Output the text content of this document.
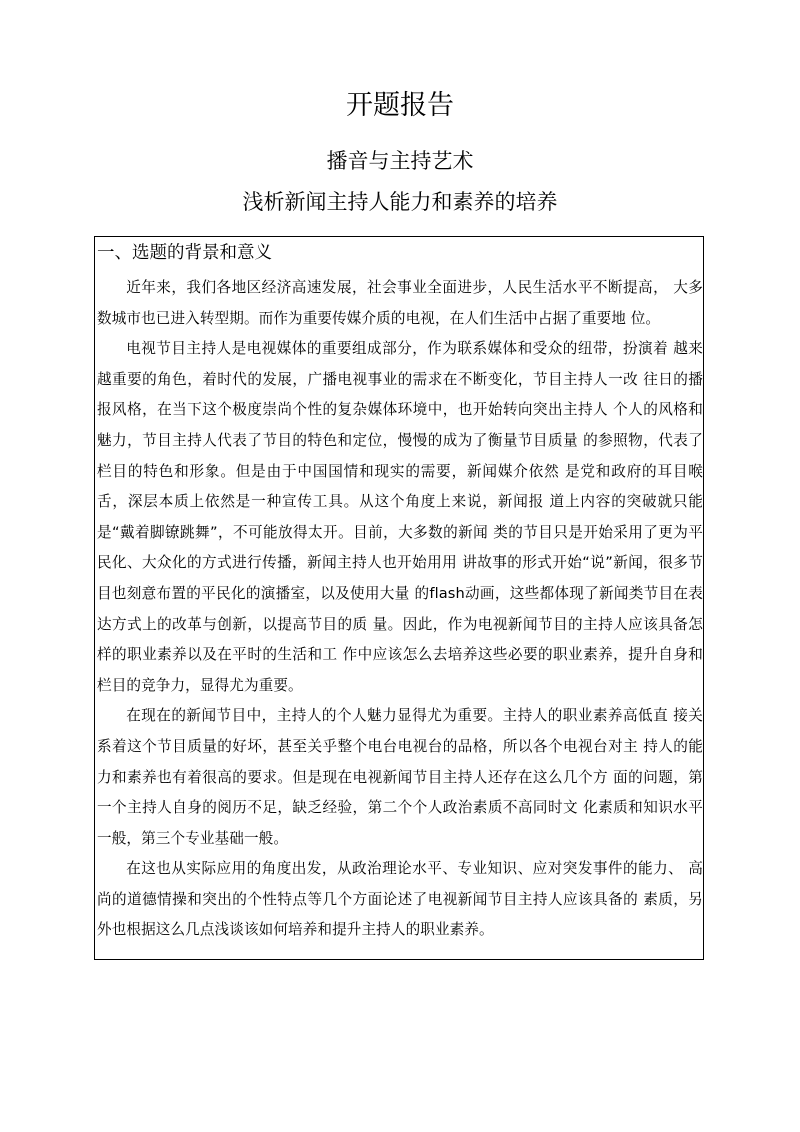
开题报告
播音与主持艺术
浅析新闻主持人能力和素养的培养
一、选题的背景和意义

近年来，我们各地区经济高速发展，社会事业全面进步，人民生活水平不断提高， 大多数城市也已进入转型期。而作为重要传媒介质的电视，在人们生活中占据了重要地 位。

电视节目主持人是电视媒体的重要组成部分，作为联系媒体和受众的纽带，扮演着 越来越重要的角色，着时代的发展，广播电视事业的需求在不断变化，节目主持人一改 往日的播报风格，在当下这个极度崇尚个性的复杂媒体环境中，也开始转向突出主持人 个人的风格和魅力，节目主持人代表了节目的特色和定位，慢慢的成为了衡量节目质量 的参照物，代表了栏目的特色和形象。但是由于中国国情和现实的需要，新闻媒介依然 是党和政府的耳目喉舌，深层本质上依然是一种宣传工具。从这个角度上来说，新闻报 道上内容的突破就只能是“戴着脚镣跳舞”，不可能放得太开。目前，大多数的新闻 类的节目只是开始采用了更为平民化、大众化的方式进行传播，新闻主持人也开始用用 讲故事的形式开始“说”新闻，很多节目也刻意布置的平民化的演播室，以及使用大量 的flash动画，这些都体现了新闻类节目在表达方式上的改革与创新，以提高节目的质 量。因此，作为电视新闻节目的主持人应该具备怎样的职业素养以及在平时的生活和工 作中应该怎么去培养这些必要的职业素养，提升自身和栏目的竞争力，显得尤为重要。

在现在的新闻节目中，主持人的个人魅力显得尤为重要。主持人的职业素养高低直 接关系着这个节目质量的好坏，甚至关乎整个电台电视台的品格，所以各个电视台对主 持人的能力和素养也有着很高的要求。但是现在电视新闻节目主持人还存在这么几个方 面的问题，第一个主持人自身的阅历不足，缺乏经验，第二个个人政治素质不高同时文 化素质和知识水平一般，第三个专业基础一般。

在这也从实际应用的角度出发，从政治理论水平、专业知识、应对突发事件的能力、 高尚的道德情操和突出的个性特点等几个方面论述了电视新闻节目主持人应该具备的 素质，另外也根据这么几点浅谈该如何培养和提升主持人的职业素养。
